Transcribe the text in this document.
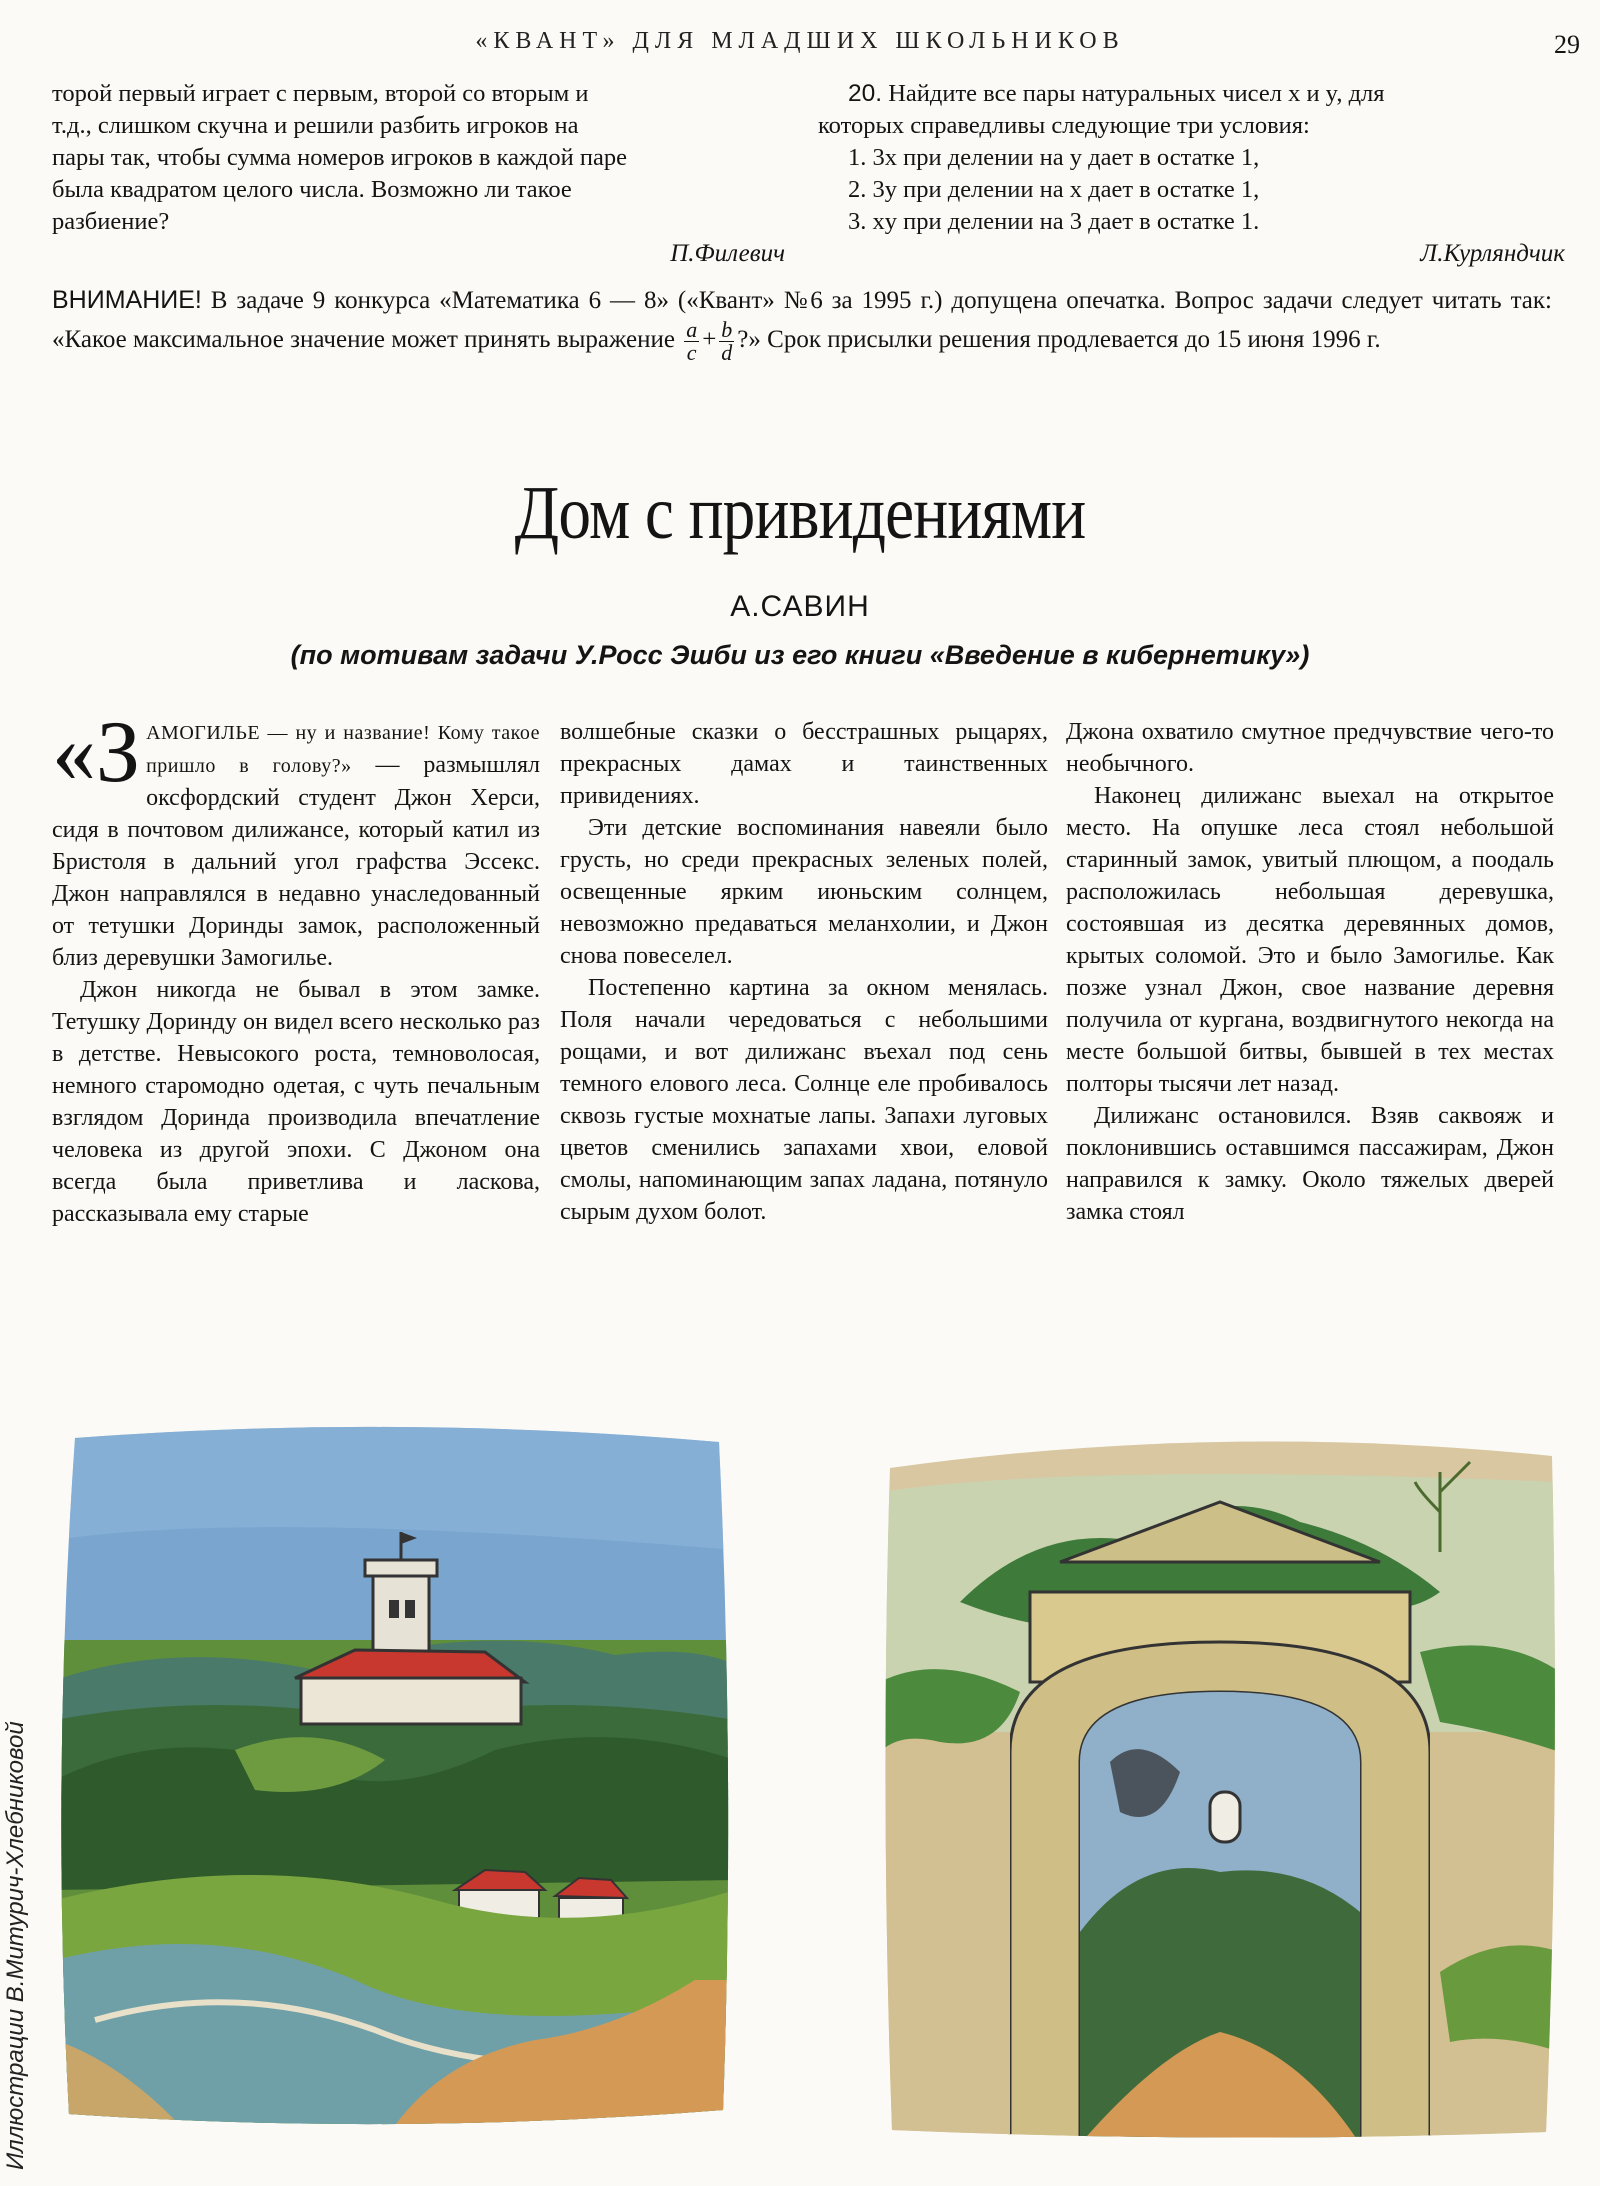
«КВАНТ» ДЛЯ МЛАДШИХ ШКОЛЬНИКОВ	29
торой первый играет с первым, второй со вторым и
т.д., слишком скучна и решили разбить игроков на
пары так, чтобы сумма номеров игроков в каждой паре
была квадратом целого числа. Возможно ли такое
разбиение?
П.Филевич
20. Найдите все пары натуральных чисел x и y, для
которых справедливы следующие три условия:
1. 3x при делении на y дает в остатке 1,
2. 3y при делении на x дает в остатке 1,
3. xy при делении на 3 дает в остатке 1.
Л.Курляндчик
ВНИМАНИЕ! В задаче 9 конкурса «Математика 6 — 8» («Квант» №6 за 1995 г.) допущена опечатка. Вопрос задачи следует читать так: «Какое максимальное значение может принять выражение $\frac{a}{c} + \frac{b}{d}$ ?» Срок присылки решения продлевается до 15 июня 1996 г.
Дом с привидениями
А.САВИН
(по мотивам задачи У.Росс Эшби из его книги «Введение в кибернетику»)

«З АМОГИЛЬЕ — ну и название! Кому такое пришло в голову?» — размышлял оксфордский студент Джон Херси, сидя в почтовом дилижансе, который катил из Бристоля в дальний угол графства Эссекс. Джон направлялся в недавно унаследованный от тетушки Доринды замок, расположенный близ деревушки Замогилье.

Джон никогда не бывал в этом замке. Тетушку Доринду он видел всего несколько раз в детстве. Невысокого роста, темноволосая, немного старомодно одетая, с чуть печальным взглядом Доринда производила впечатление человека из другой эпохи. С Джоном она всегда была приветлива и ласкова, рассказывала ему старые

волшебные сказки о бесстрашных рыцарях, прекрасных дамах и таинственных привидениях.

Эти детские воспоминания навеяли было грусть, но среди прекрасных зеленых полей, освещенные ярким июньским солнцем, невозможно предаваться меланхолии, и Джон снова повеселел.

Постепенно картина за окном менялась. Поля начали чередоваться с небольшими рощами, и вот дилижанс въехал под сень темного елового леса. Солнце еле пробивалось сквозь густые мохнатые лапы. Запахи луговых цветов сменились запахами хвои, еловой смолы, напоминающим запах ладана, потянуло сырым духом болот.

Джона охватило смутное предчувствие чего-то необычного.

Наконец дилижанс выехал на открытое место. На опушке леса стоял небольшой старинный замок, увитый плющом, а поодаль расположилась небольшая деревушка, состоявшая из десятка деревянных домов, крытых соломой. Это и было Замогилье. Как позже узнал Джон, свое название деревня получила от кургана, воздвигнутого некогда на месте большой битвы, бывшей в тех местах полторы тысячи лет назад.

Дилижанс остановился. Взяв саквояж и поклонившись оставшимся пассажирам, Джон направился к замку. Около тяжелых дверей замка стоял

Иллюстрации В.Митурич-Хлебниковой
